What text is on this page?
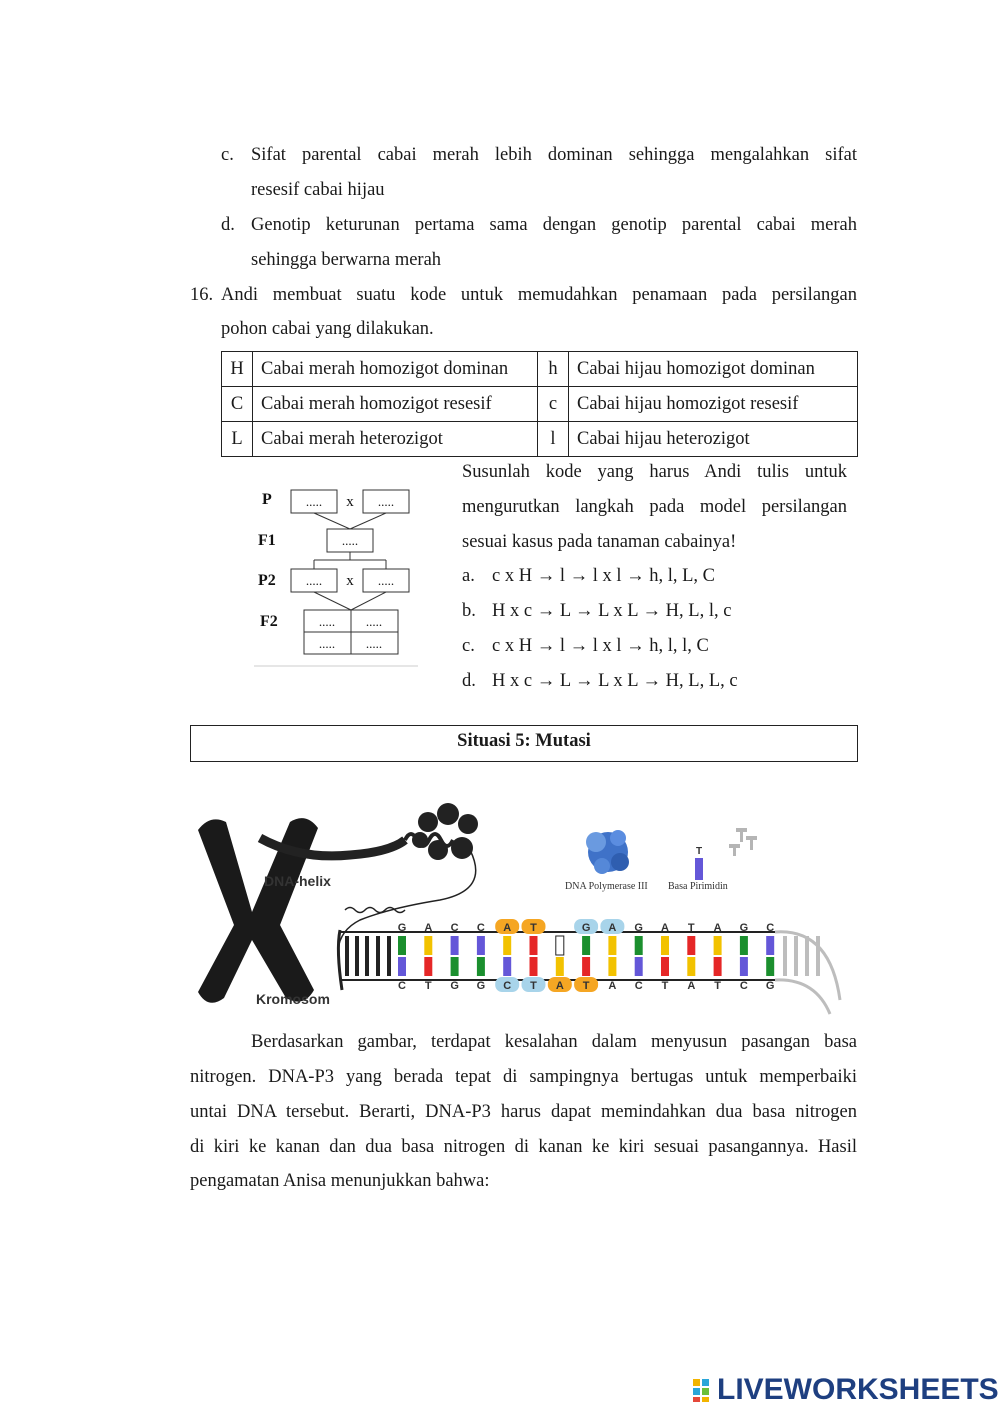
c. Sifat parental cabai merah lebih dominan sehingga mengalahkan sifat
resesif cabai hijau
d. Genotip keturunan pertama sama dengan genotip parental cabai merah
sehingga berwarna merah
16. Andi membuat suatu kode untuk memudahkan penamaan pada persilangan
pohon cabai yang dilakukan.
H	Cabai merah homozigot dominan	h	Cabai hijau homozigot dominan
C	Cabai merah homozigot resesif	c	Cabai hijau homozigot resesif
L	Cabai merah heterozigot	l	Cabai hijau heterozigot
P
F1
P2
F2
..... x .....
.....
..... x .....
..... .....
..... .....
Susunlah kode yang harus Andi tulis untuk
mengurutkan langkah pada model persilangan
sesuai kasus pada tanaman cabainya!
a. c x H → l → l x l → h, l, L, C
b. H x c → L → L x L → H, L, l, c
c. c x H → l → l x l → h, l, l, C
d. H x c → L → L x L → H, L, L, c
Situasi 5: Mutasi
DNA-helix
Kromosom
T
DNA Polymerase III Basa Pirimidin
G
C
A
T
C
G
C
G
A
C
T
T A
G
T
A
A
G
C
A
T
T
A
A
T
G
C
C
G
Berdasarkan gambar, terdapat kesalahan dalam menyusun pasangan basa
nitrogen. DNA-P3 yang berada tepat di sampingnya bertugas untuk memperbaiki
untai DNA tersebut. Berarti, DNA-P3 harus dapat memindahkan dua basa nitrogen
di kiri ke kanan dan dua basa nitrogen di kanan ke kiri sesuai pasangannya. Hasil
pengamatan Anisa menunjukkan bahwa:
LIVEWORKSHEETS
